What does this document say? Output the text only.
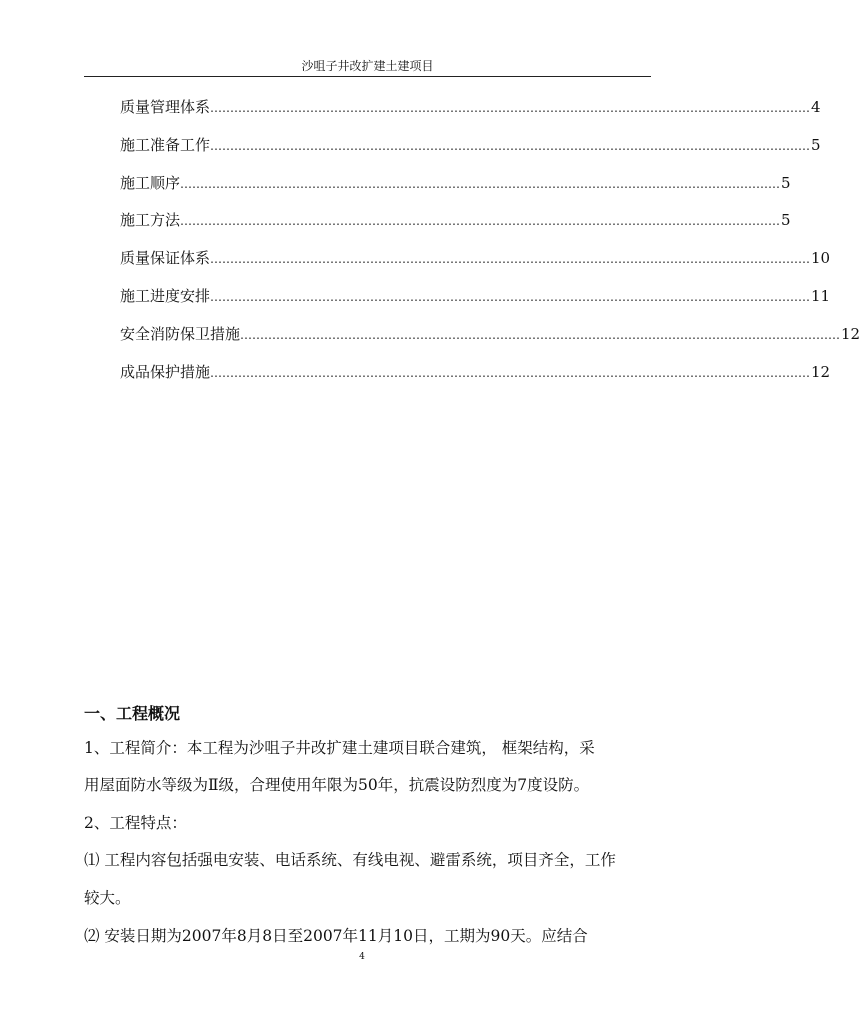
沙咀子井改扩建土建项目
质量管理体系 …………………………………………………………………………………………………………………………………… 4
施工准备工作 …………………………………………………………………………………………………………………………………… 5
施工顺序 …………………………………………………………………………………………………………………………………… 5
施工方法 …………………………………………………………………………………………………………………………………… 5
质量保证体系 …………………………………………………………………………………………………………………………………… 10
施工进度安排 …………………………………………………………………………………………………………………………………… 11
安全消防保卫措施 …………………………………………………………………………………………………………………………………… 12
成品保护措施 …………………………………………………………………………………………………………………………………… 12
一、工程概况
1、工程简介：本工程为沙咀子井改扩建土建项目联合建筑， 框架结构，采
用屋面防水等级为Ⅱ级，合理使用年限为50年，抗震设防烈度为7度设防。
2、工程特点：
⑴ 工程内容包括强电安装、电话系统、有线电视、避雷系统，项目齐全，工作
较大。
⑵ 安装日期为2007年8月8日至2007年11月10日，工期为90天。应结合
4
